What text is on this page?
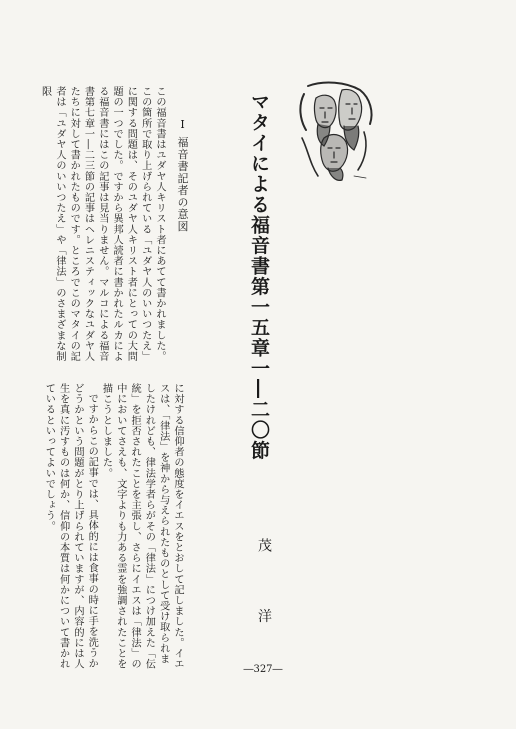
マタイによる福音書第一五章一―二〇節
茂 洋
Ⅰ 福音書記者の意図

この福音書はユダヤ人キリスト者にあてて書かれました。この箇所で取り上げられている「ユダヤ人のいいつたえ」に関する問題は、そのユダヤ人キリスト者にとっての大問題の一つでした。ですから異邦人読者に書かれたルカによる福音書にはこの記事は見当りません。マルコによる福音書第七章一―二三節の記事はヘレニスティックなユダヤ人たちに対して書かれたものです。ところでこのマタイの記者は「ユダヤ人のいいつたえ」や「律法」のさまざまな制限

に対する信仰者の態度をイエスをとおして記しました。イエスは、「律法」を神から与えられたものとして受け取られましたけれども、律法学者らがその「律法」につけ加えた「伝統」を拒否されたことを主張し、さらにイエスは「律法」の中においてさえも、文字よりも力ある霊を強調されたことを描こうとしました。

ですからこの記事では、具体的には食事の時に手を洗うかどうかという問題がとり上げられていますが、内容的には人生を真に汚すものは何か、信仰の本質は何かについて書かれているといってよいでしょう。

―327―
